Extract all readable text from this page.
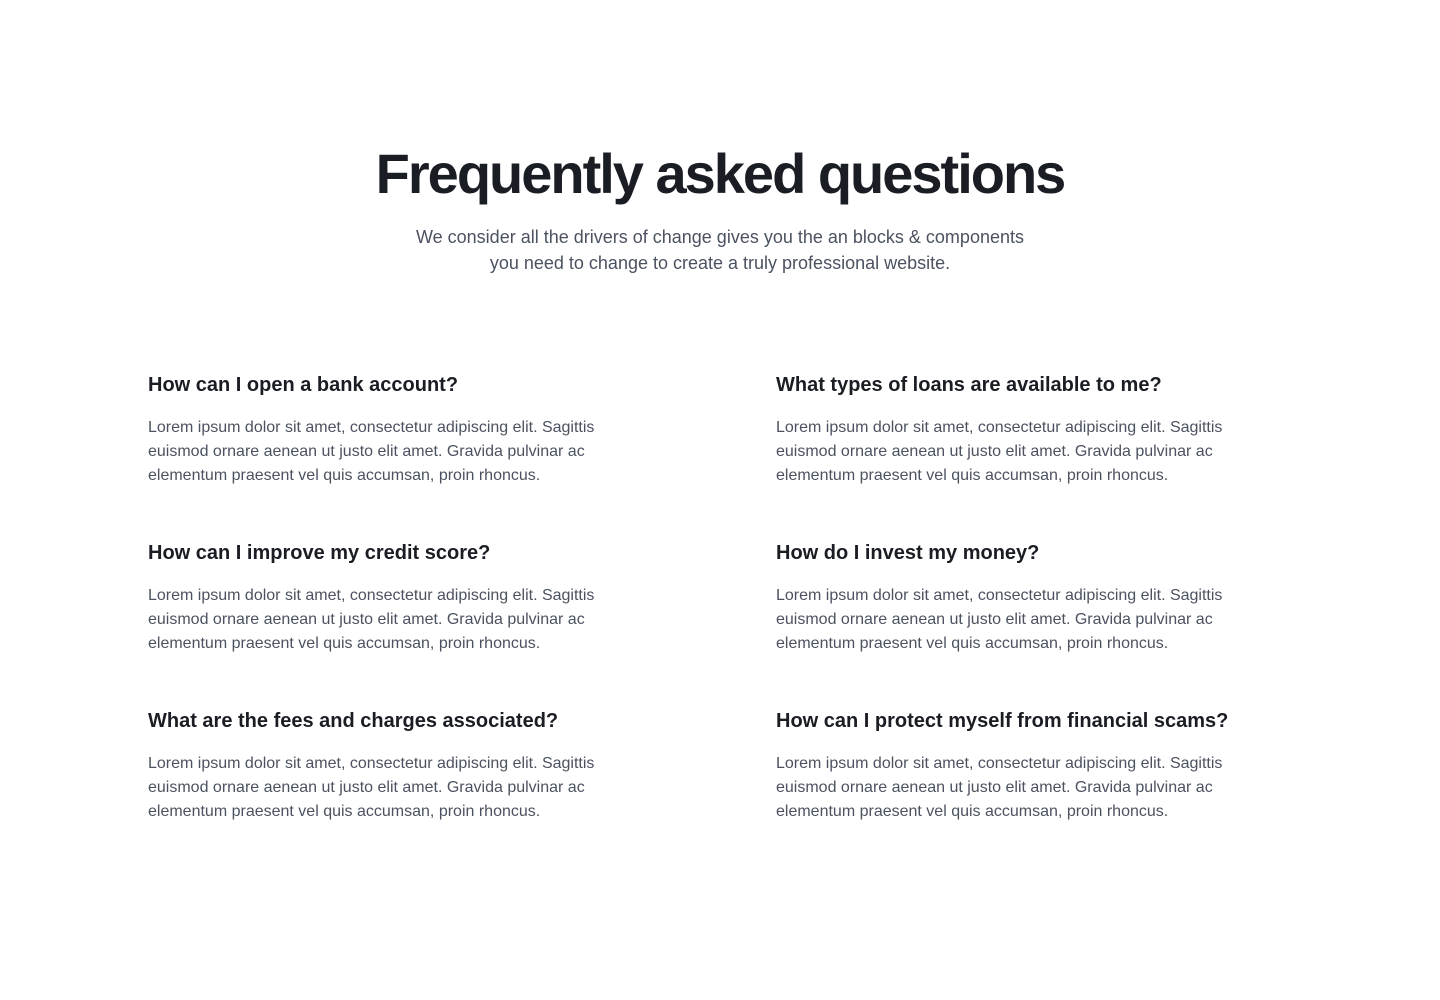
Frequently asked questions

We consider all the drivers of change gives you the an blocks & components you need to change to create a truly professional website.

How can I open a bank account?

Lorem ipsum dolor sit amet, consectetur adipiscing elit. Sagittis euismod ornare aenean ut justo elit amet. Gravida pulvinar ac elementum praesent vel quis accumsan, proin rhoncus.

What types of loans are available to me?

Lorem ipsum dolor sit amet, consectetur adipiscing elit. Sagittis euismod ornare aenean ut justo elit amet. Gravida pulvinar ac elementum praesent vel quis accumsan, proin rhoncus.

How can I improve my credit score?

Lorem ipsum dolor sit amet, consectetur adipiscing elit. Sagittis euismod ornare aenean ut justo elit amet. Gravida pulvinar ac elementum praesent vel quis accumsan, proin rhoncus.

How do I invest my money?

Lorem ipsum dolor sit amet, consectetur adipiscing elit. Sagittis euismod ornare aenean ut justo elit amet. Gravida pulvinar ac elementum praesent vel quis accumsan, proin rhoncus.

What are the fees and charges associated?

Lorem ipsum dolor sit amet, consectetur adipiscing elit. Sagittis euismod ornare aenean ut justo elit amet. Gravida pulvinar ac elementum praesent vel quis accumsan, proin rhoncus.

How can I protect myself from financial scams?

Lorem ipsum dolor sit amet, consectetur adipiscing elit. Sagittis euismod ornare aenean ut justo elit amet. Gravida pulvinar ac elementum praesent vel quis accumsan, proin rhoncus.
